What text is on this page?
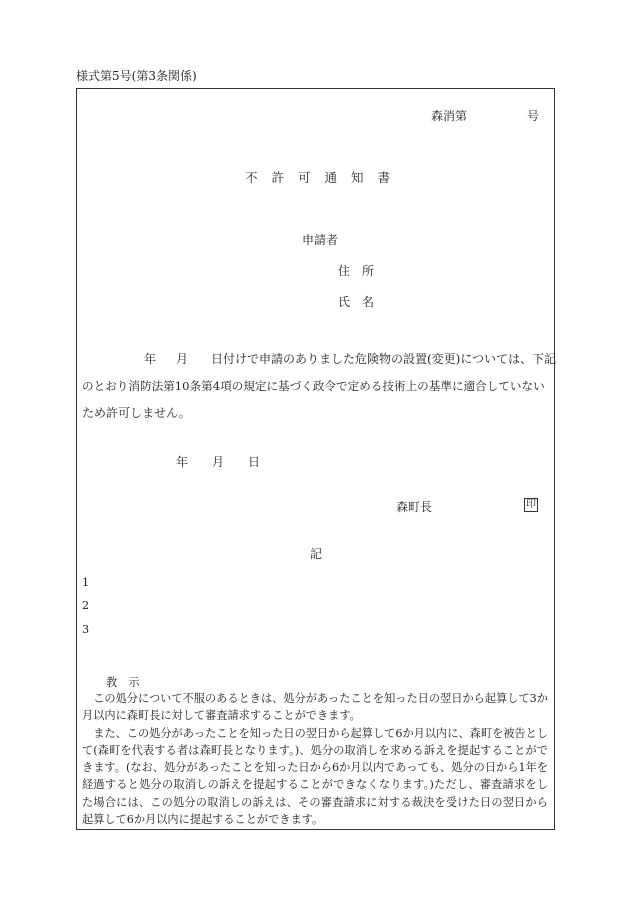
様式第5号(第3条関係)
森消第	号
不許可通知書
申請者
住　所
氏　名
年 月 日付けで申請のありました危険物の設置(変更)については、下記
のとおり消防法第10条第4項の規定に基づく政令で定める技術上の基準に適合していない
ため許可しません。
年 月 日
森町長	印
記
1
2
3
教　示
この処分について不服のあるときは、処分があったことを知った日の翌日から起算して3か月以内に森町長に対して審査請求することができます。
また、この処分があったことを知った日の翌日から起算して6か月以内に、森町を被告として(森町を代表する者は森町長となります。)、処分の取消しを求める訴えを提起することができます。(なお、処分があったことを知った日から6か月以内であっても、処分の日から1年を経過すると処分の取消しの訴えを提起することができなくなります。)ただし、審査請求をした場合には、この処分の取消しの訴えは、その審査請求に対する裁決を受けた日の翌日から起算して6か月以内に提起することができます。
